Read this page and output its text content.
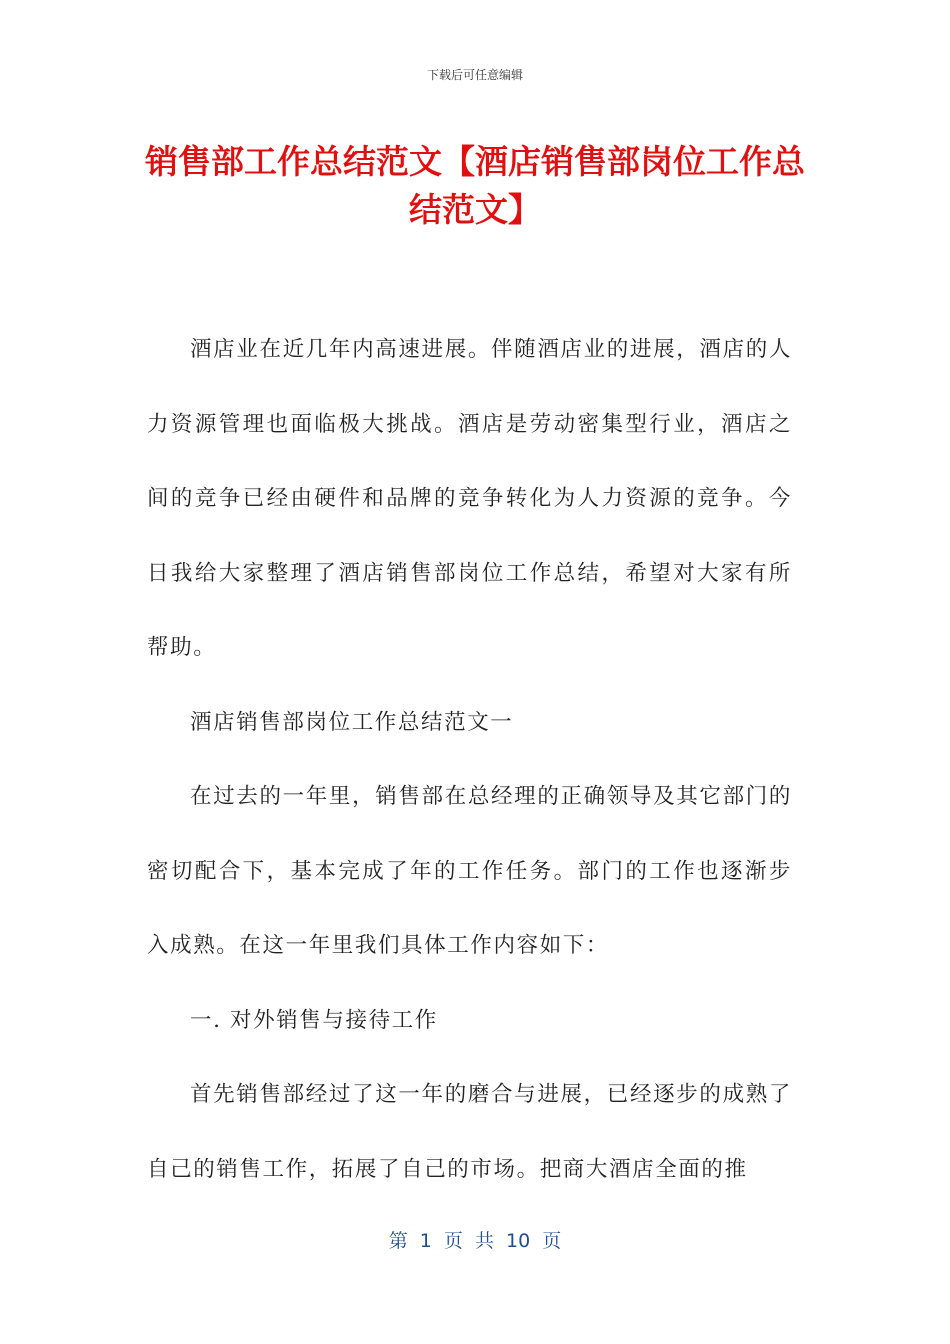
下载后可任意编辑
销售部工作总结范文【酒店销售部岗位工作总结范文】

酒店业在近几年内高速进展。伴随酒店业的进展，酒店的人力资源管理也面临极大挑战。酒店是劳动密集型行业，酒店之间的竞争已经由硬件和品牌的竞争转化为人力资源的竞争。今日我给大家整理了酒店销售部岗位工作总结，希望对大家有所帮助。

酒店销售部岗位工作总结范文一

在过去的一年里，销售部在总经理的正确领导及其它部门的密切配合下，基本完成了年的工作任务。部门的工作也逐渐步入成熟。在这一年里我们具体工作内容如下：

一. 对外销售与接待工作

首先销售部经过了这一年的磨合与进展，已经逐步的成熟了自己的销售工作，拓展了自己的市场。把商大酒店全面的推

第 1 页 共 10 页
